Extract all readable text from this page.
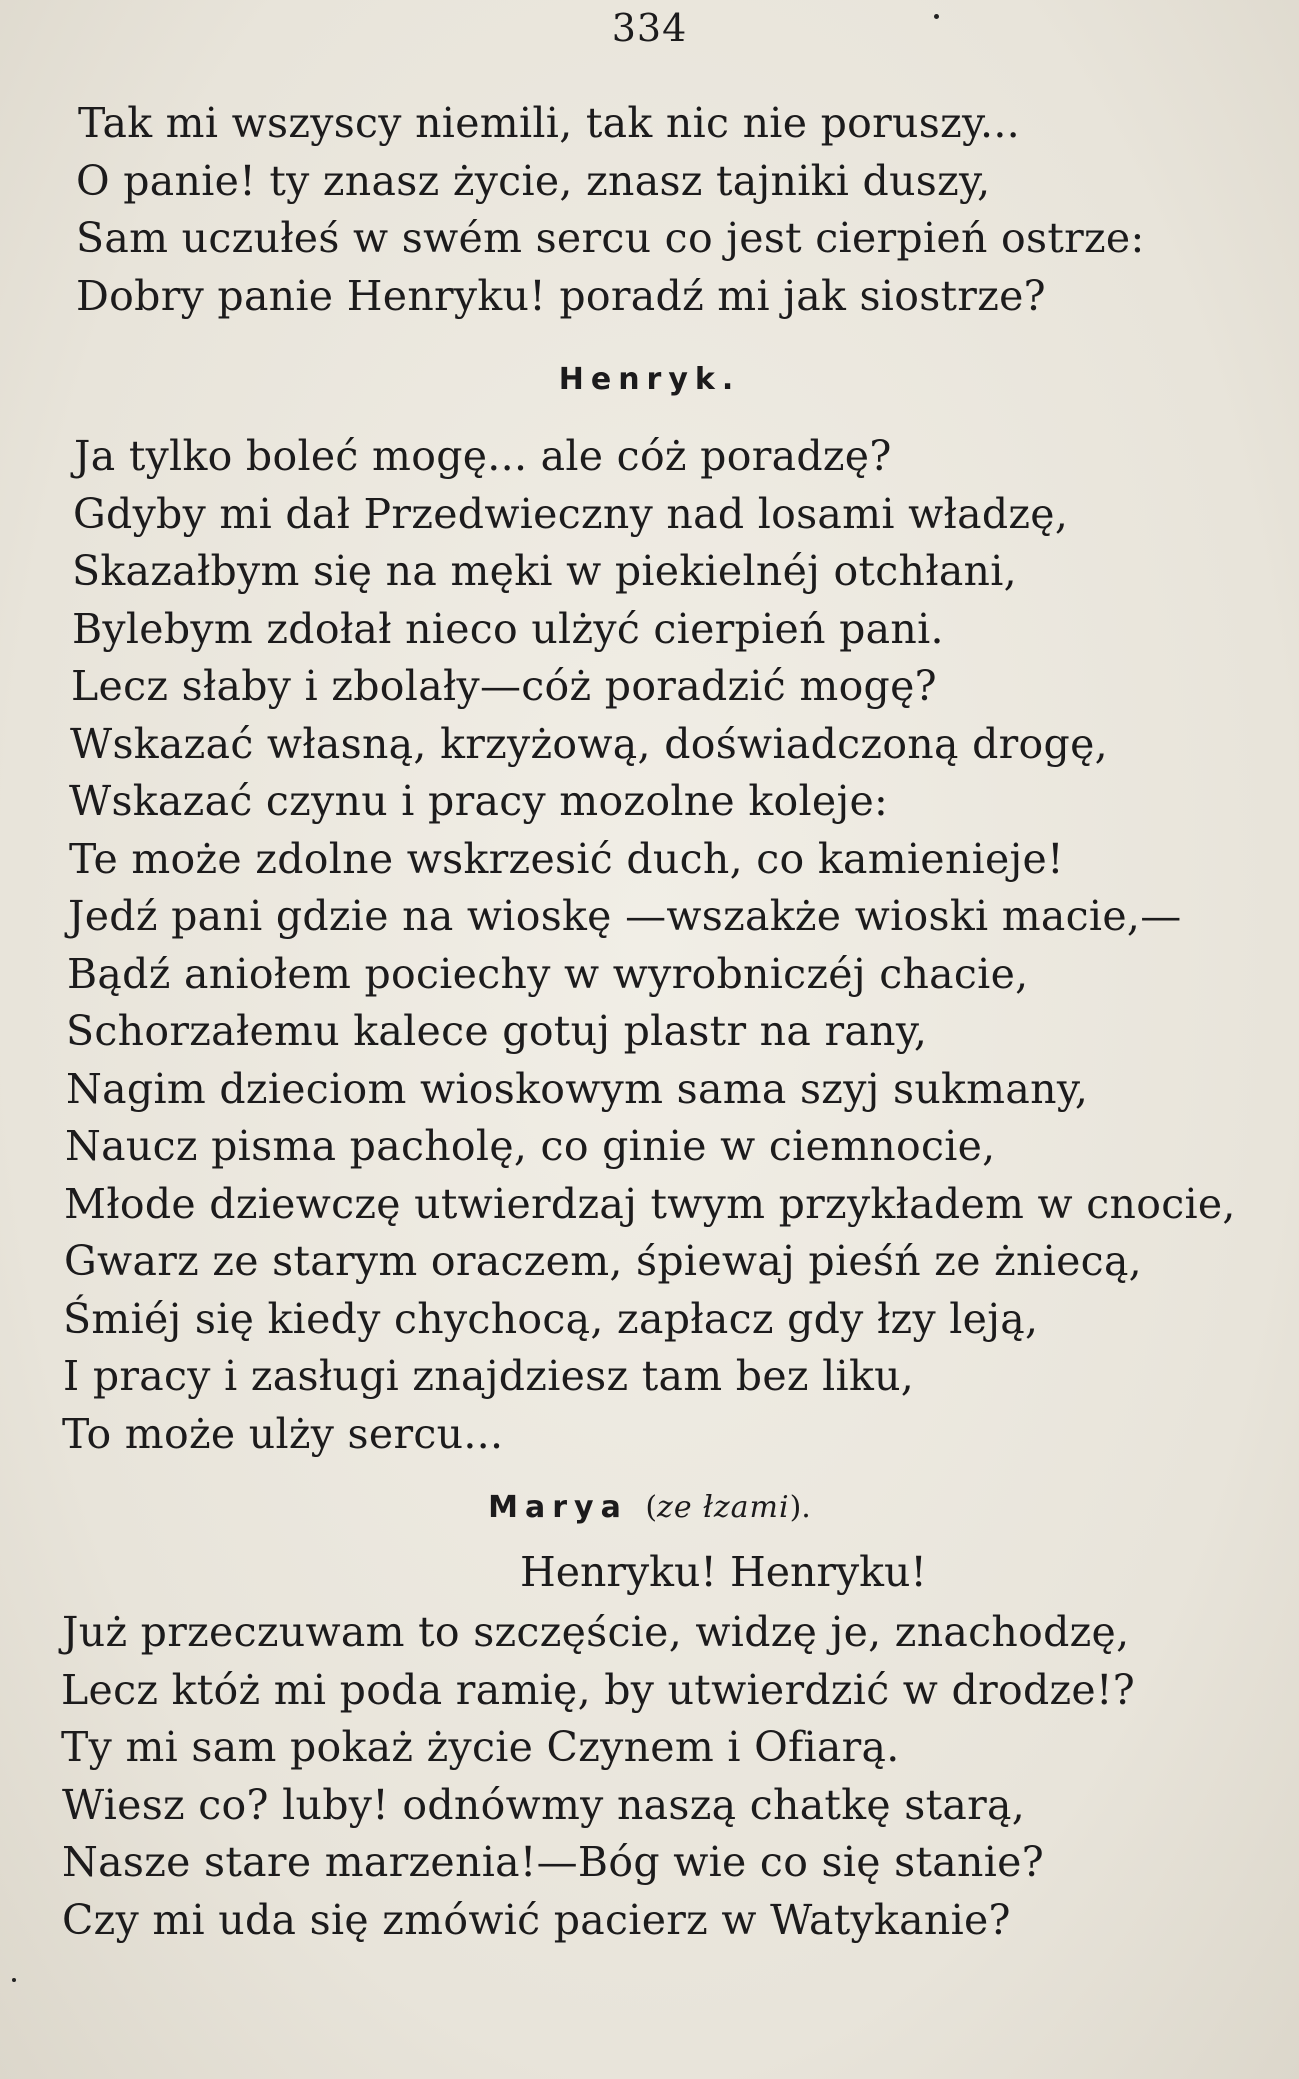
334
Tak mi wszyscy niemili, tak nic nie poruszy...
O panie! ty znasz życie, znasz tajniki duszy,
Sam uczułeś w swém sercu co jest cierpień ostrze:
Dobry panie Henryku! poradź mi jak siostrze?
Henryk.
Ja tylko boleć mogę... ale cóż poradzę?
Gdyby mi dał Przedwieczny nad losami władzę,
Skazałbym się na męki w piekielnéj otchłani,
Bylebym zdołał nieco ulżyć cierpień pani.
Lecz słaby i zbolały—cóż poradzić mogę?
Wskazać własną, krzyżową, doświadczoną drogę,
Wskazać czynu i pracy mozolne koleje:
Te może zdolne wskrzesić duch, co kamienieje!
Jedź pani gdzie na wioskę —wszakże wioski macie,—
Bądź aniołem pociechy w wyrobniczéj chacie,
Schorzałemu kalece gotuj plastr na rany,
Nagim dzieciom wioskowym sama szyj sukmany,
Naucz pisma pacholę, co ginie w ciemnocie,
Młode dziewczę utwierdzaj twym przykładem w cnocie,
Gwarz ze starym oraczem, śpiewaj pieśń ze żniecą,
Śmiéj się kiedy chychocą, zapłacz gdy łzy leją,
I pracy i zasługi znajdziesz tam bez liku,
To może ulży sercu...
Marya (ze łzami).
Henryku! Henryku!
Już przeczuwam to szczęście, widzę je, znachodzę,
Lecz któż mi poda ramię, by utwierdzić w drodze!?
Ty mi sam pokaż życie Czynem i Ofiarą.
Wiesz co? luby! odnówmy naszą chatkę starą,
Nasze stare marzenia!—Bóg wie co się stanie?
Czy mi uda się zmówić pacierz w Watykanie?
